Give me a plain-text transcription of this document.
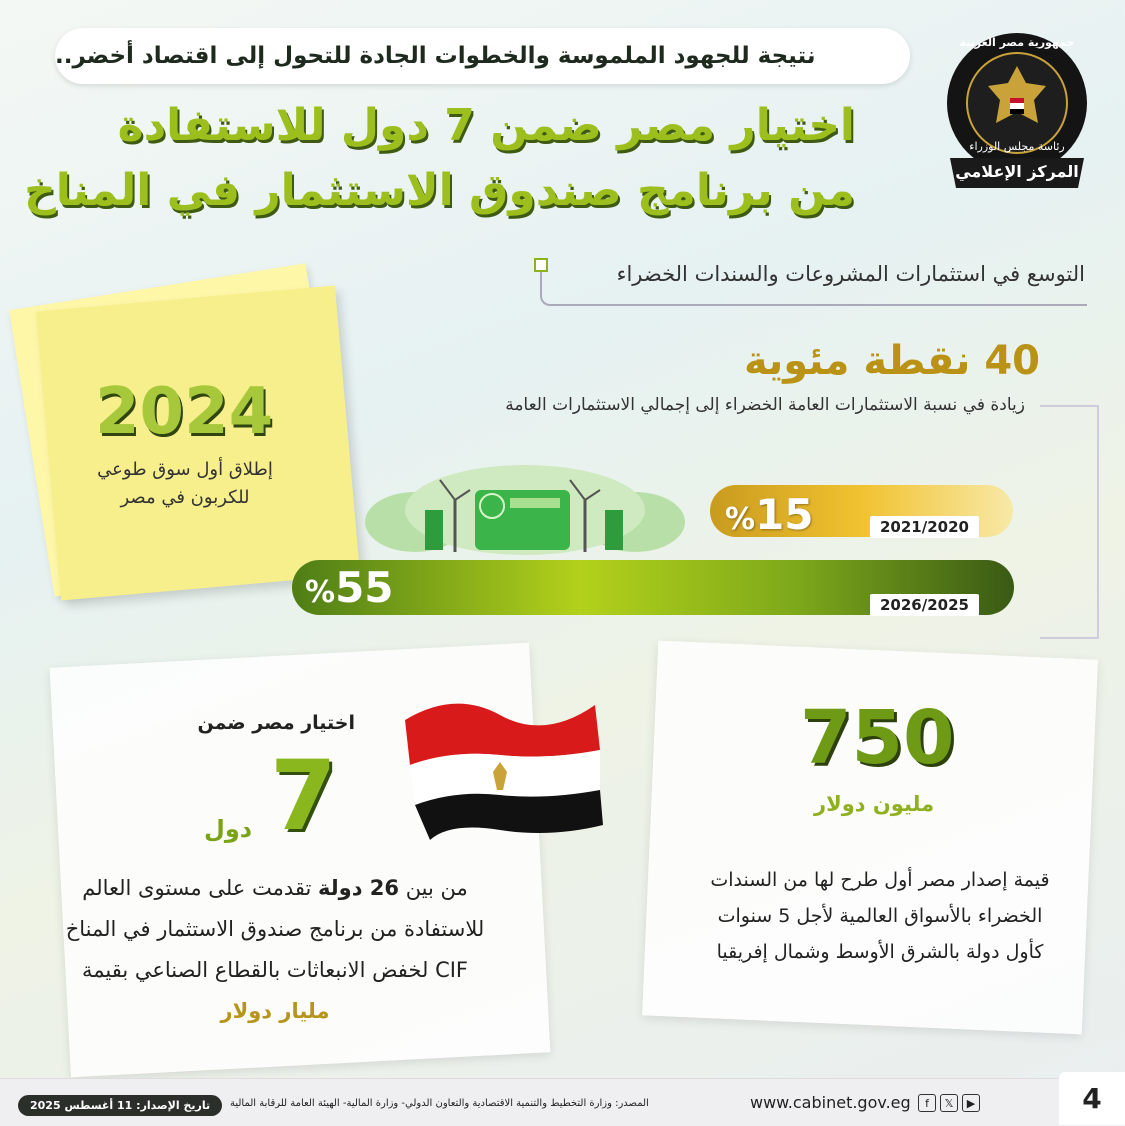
نتيجة للجهود الملموسة والخطوات الجادة للتحول إلى اقتصاد أخضر..
جمهورية مصر العربية
رئاسة مجلس الوزراء
المركز الإعلامي
اختيار مصر ضمن 7 دول للاستفادة
من برنامج صندوق الاستثمار في المناخ
التوسع في استثمارات المشروعات والسندات الخضراء
2024
إطلاق أول سوق طوعي للكربون في مصر
40 نقطة مئوية
زيادة في نسبة الاستثمارات العامة الخضراء إلى إجمالي الاستثمارات العامة
%15	2021/2020
%55	2026/2025
اختيار مصر ضمن
7
دول
من بين 26 دولة تقدمت على مستوى العالم للاستفادة من برنامج صندوق الاستثمار في المناخ CIF لخفض الانبعاثات بالقطاع الصناعي بقيمة مليار دولار
750
مليون دولار
قيمة إصدار مصر أول طرح لها من السندات الخضراء بالأسواق العالمية لأجل 5 سنوات كأول دولة بالشرق الأوسط وشمال إفريقيا
تاريخ الإصدار: 11 أغسطس 2025	المصدر: وزارة التخطيط والتنمية الاقتصادية والتعاون الدولي- وزارة المالية- الهيئة العامة للرقابة المالية	www.cabinet.gov.eg	f	𝕏	▶	4
